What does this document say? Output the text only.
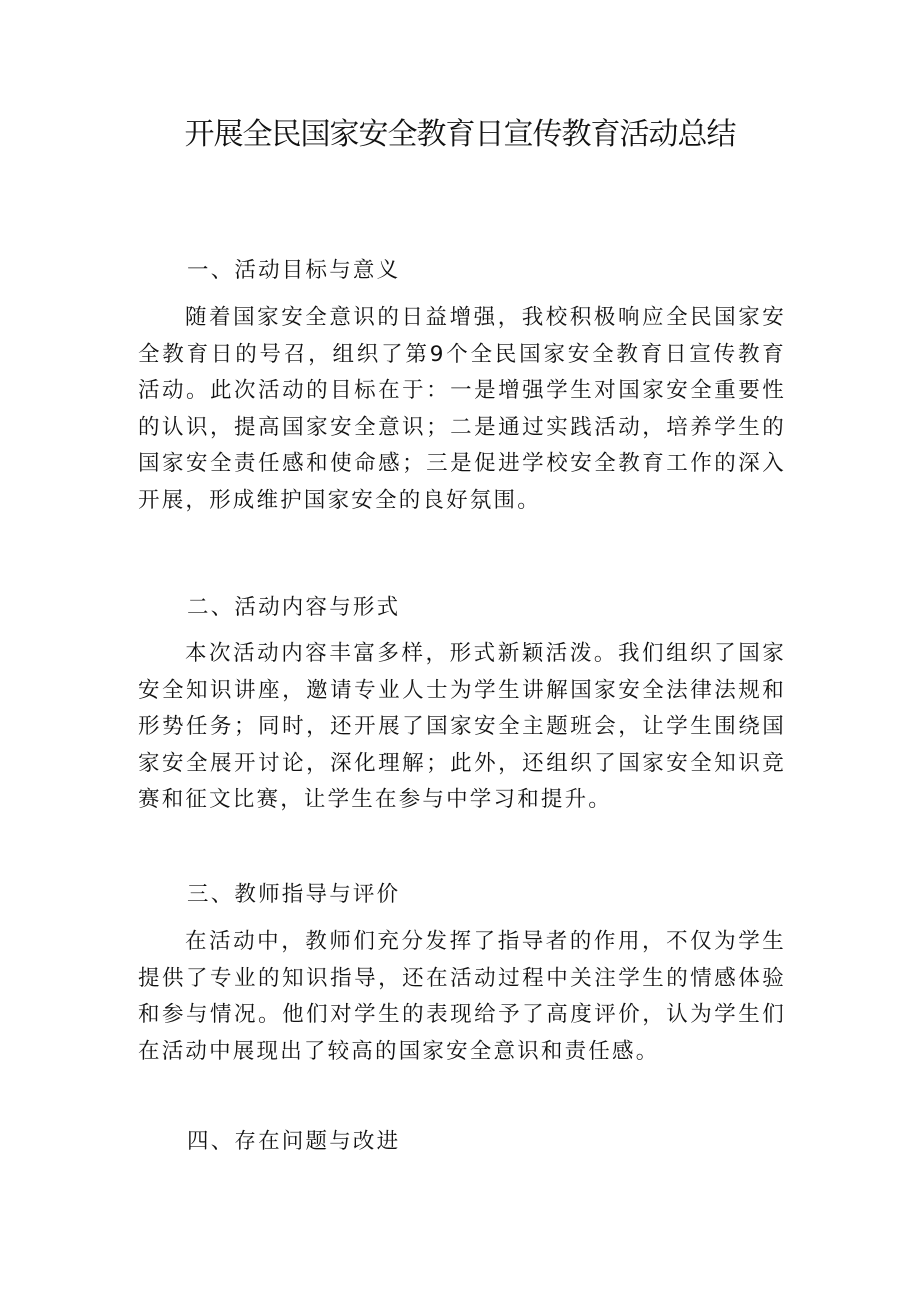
开展全民国家安全教育日宣传教育活动总结
一、活动目标与意义
随着国家安全意识的日益增强，我校积极响应全民国家安全教育日的号召，组织了第9个全民国家安全教育日宣传教育活动。此次活动的目标在于：一是增强学生对国家安全重要性的认识，提高国家安全意识；二是通过实践活动，培养学生的国家安全责任感和使命感；三是促进学校安全教育工作的深入开展，形成维护国家安全的良好氛围。
二、活动内容与形式
本次活动内容丰富多样，形式新颖活泼。我们组织了国家安全知识讲座，邀请专业人士为学生讲解国家安全法律法规和形势任务；同时，还开展了国家安全主题班会，让学生围绕国家安全展开讨论，深化理解；此外，还组织了国家安全知识竞赛和征文比赛，让学生在参与中学习和提升。
三、教师指导与评价
在活动中，教师们充分发挥了指导者的作用，不仅为学生提供了专业的知识指导，还在活动过程中关注学生的情感体验和参与情况。他们对学生的表现给予了高度评价，认为学生们在活动中展现出了较高的国家安全意识和责任感。
四、存在问题与改进
